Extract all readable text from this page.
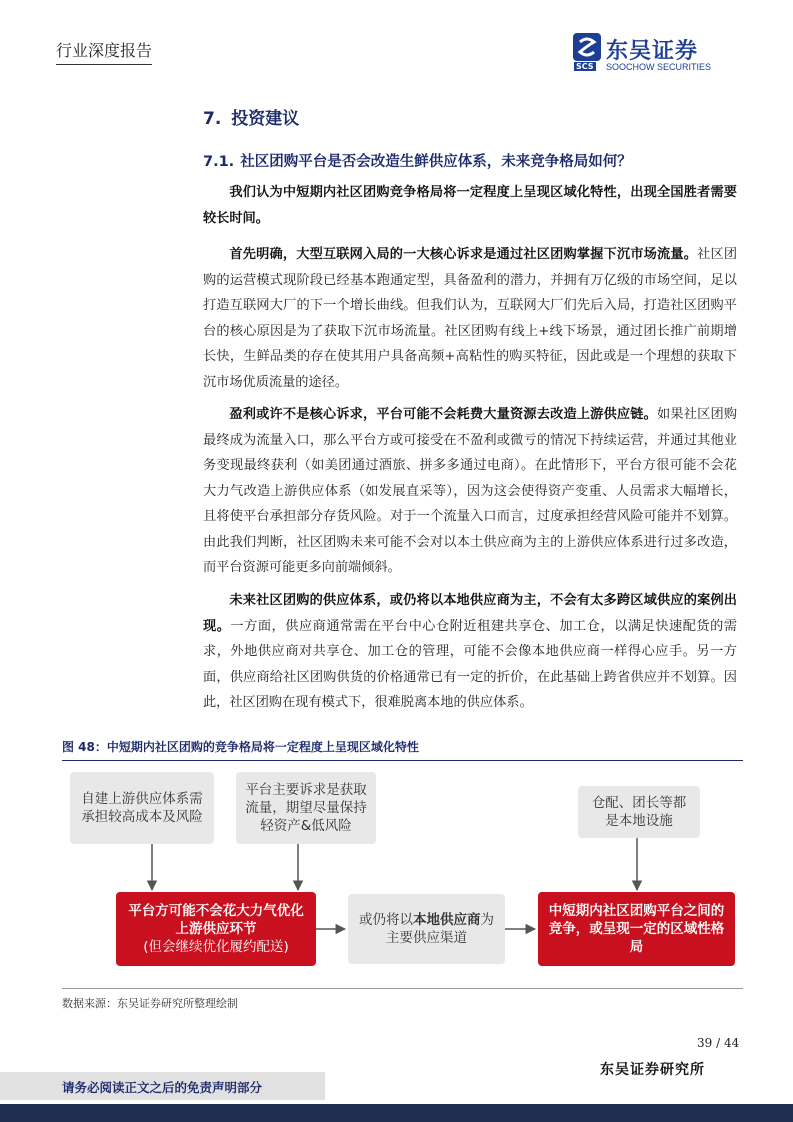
行业深度报告	东吴证券
SCS SOOCHOW SECURITIES
7. 投资建议
7.1. 社区团购平台是否会改造生鲜供应体系，未来竞争格局如何？
我们认为中短期内社区团购竞争格局将一定程度上呈现区域化特性，出现全国胜者需要较长时间。
首先明确，大型互联网入局的一大核心诉求是通过社区团购掌握下沉市场流量。社区团购的运营模式现阶段已经基本跑通定型，具备盈利的潜力，并拥有万亿级的市场空间，足以打造互联网大厂的下一个增长曲线。但我们认为，互联网大厂们先后入局，打造社区团购平台的核心原因是为了获取下沉市场流量。社区团购有线上+线下场景，通过团长推广前期增长快，生鲜品类的存在使其用户具备高频+高粘性的购买特征，因此或是一个理想的获取下沉市场优质流量的途径。
盈利或许不是核心诉求，平台可能不会耗费大量资源去改造上游供应链。如果社区团购最终成为流量入口，那么平台方或可接受在不盈利或微亏的情况下持续运营，并通过其他业务变现最终获利（如美团通过酒旅、拼多多通过电商）。在此情形下，平台方很可能不会花大力气改造上游供应体系（如发展直采等），因为这会使得资产变重、人员需求大幅增长，且将使平台承担部分存货风险。对于一个流量入口而言，过度承担经营风险可能并不划算。由此我们判断，社区团购未来可能不会对以本土供应商为主的上游供应体系进行过多改造，而平台资源可能更多向前端倾斜。
未来社区团购的供应体系，或仍将以本地供应商为主，不会有太多跨区域供应的案例出现。一方面，供应商通常需在平台中心仓附近租建共享仓、加工仓，以满足快速配货的需求，外地供应商对共享仓、加工仓的管理，可能不会像本地供应商一样得心应手。另一方面，供应商给社区团购供货的价格通常已有一定的折价，在此基础上跨省供应并不划算。因此，社区团购在现有模式下，很难脱离本地的供应体系。
图 48：中短期内社区团购的竞争格局将一定程度上呈现区域化特性
自建上游供应体系需承担较高成本及风险
平台主要诉求是获取流量，期望尽量保持轻资产&低风险
仓配、团长等都是本地设施
平台方可能不会花大力气优化上游供应环节
(但会继续优化履约配送)
或仍将以本地供应商为主要供应渠道
中短期内社区团购平台之间的竞争，或呈现一定的区域性格局
数据来源：东吴证券研究所整理绘制
39 / 44
东吴证券研究所
请务必阅读正文之后的免责声明部分
